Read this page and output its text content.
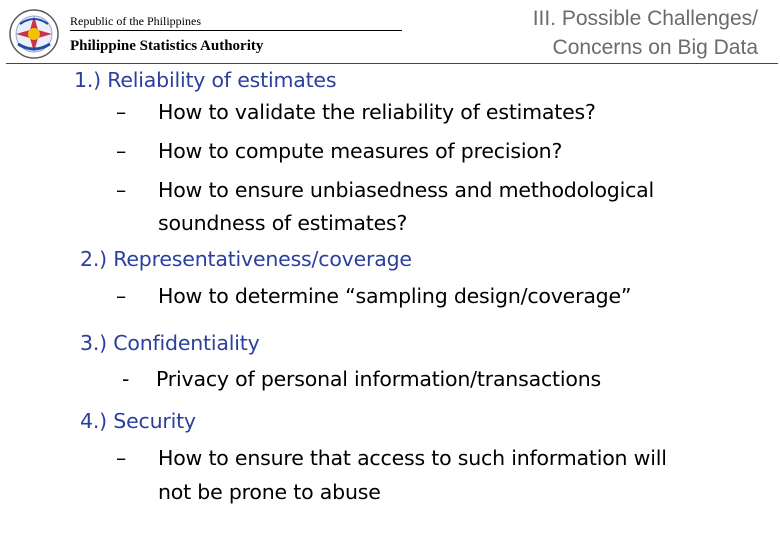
Republic of the Philippines
Philippine Statistics Authority
III. Possible Challenges/
Concerns on Big Data
1.) Reliability of estimates
– How to validate the reliability of estimates?
– How to compute measures of precision?
– How to ensure unbiasedness and methodological
soundness of estimates?
2.) Representativeness/coverage
– How to determine “sampling design/coverage”
3.) Confidentiality
- Privacy of personal information/transactions
4.) Security
– How to ensure that access to such information will
not be prone to abuse
